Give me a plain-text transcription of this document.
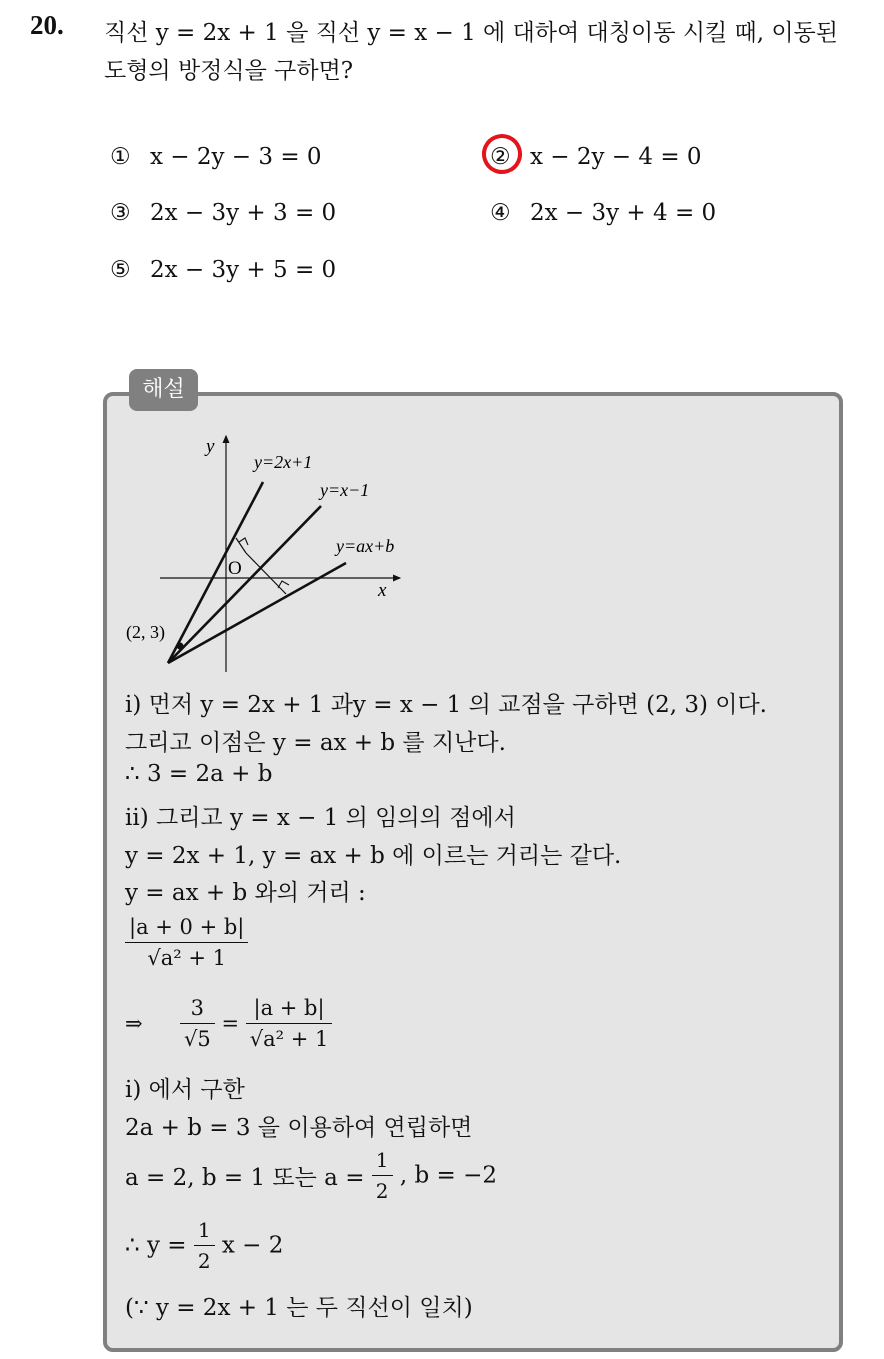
20. 직선 y = 2x + 1 을 직선 y = x − 1 에 대하여 대칭이동 시킬 때, 이동된
도형의 방정식을 구하면?
① x − 2y − 3 = 0	② x − 2y − 4 = 0
③ 2x − 3y + 3 = 0	④ 2x − 3y + 4 = 0
⑤ 2x − 3y + 5 = 0
해설
y
x
O
y=2x+1
y=x−1
y=ax+b
(2, 3)
i) 먼저 y = 2x + 1 과y = x − 1 의 교점을 구하면 (2, 3) 이다.
그리고 이점은 y = ax + b 를 지난다.
∴ 3 = 2a + b
ii) 그리고 y = x − 1 의 임의의 점에서
y = 2x + 1, y = ax + b 에 이르는 거리는 같다.
y = ax + b 와의 거리 :
$\frac{|a + 0 + b|}{\text{√a² + 1}}$
⇒ $\frac{3}{√5} = \frac{|a + b|}{\text{√a² + 1}}$
i) 에서 구한
2a + b = 3 을 이용하여 연립하면
a = 2, b = 1 또는 $a = \frac{1}{2}$ , b = −2
∴ $y = \frac{1}{2}$ x − 2
(∵ y = 2x + 1 는 두 직선이 일치)
